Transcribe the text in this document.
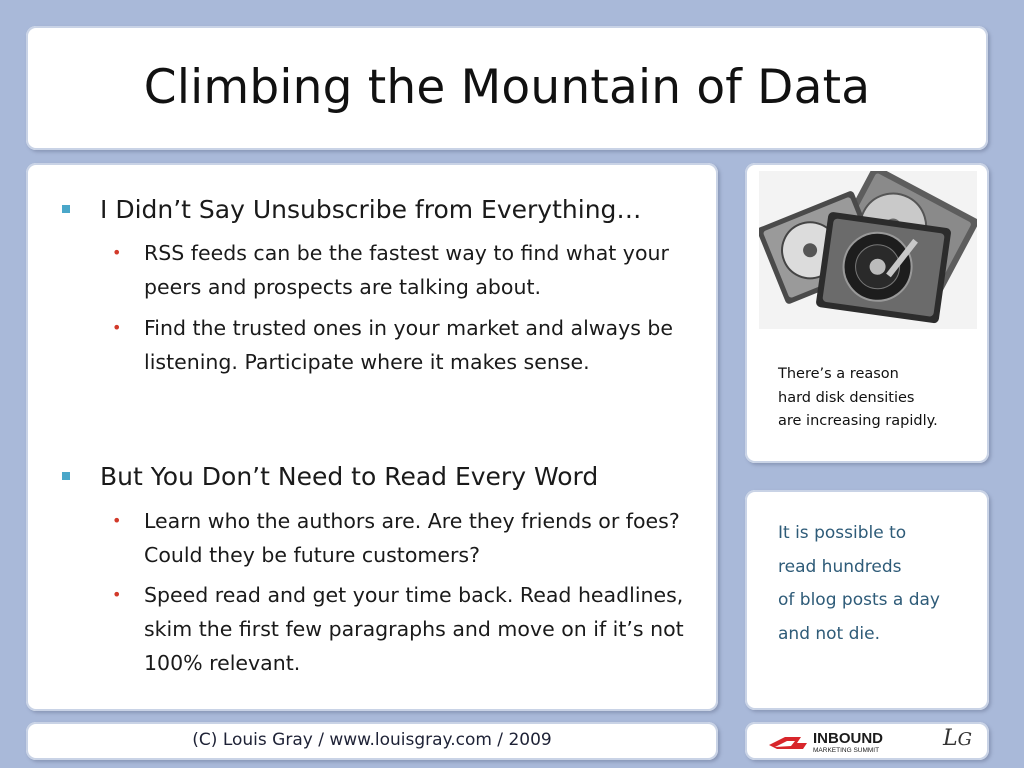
Climbing the Mountain of Data
I Didn’t Say Unsubscribe from Everything…
• RSS feeds can be the fastest way to find what your peers and prospects are talking about.
• Find the trusted ones in your market and always be listening. Participate where it makes sense.
But You Don’t Need to Read Every Word
• Learn who the authors are. Are they friends or foes? Could they be future customers?
• Speed read and get your time back. Read headlines, skim the first few paragraphs and move on if it’s not 100% relevant.
There’s a reason
hard disk densities
are increasing rapidly.
It is possible to
read hundreds
of blog posts a day
and not die.
(C) Louis Gray / www.louisgray.com / 2009	INBOUND
MARKETING SUMMIT	LG
